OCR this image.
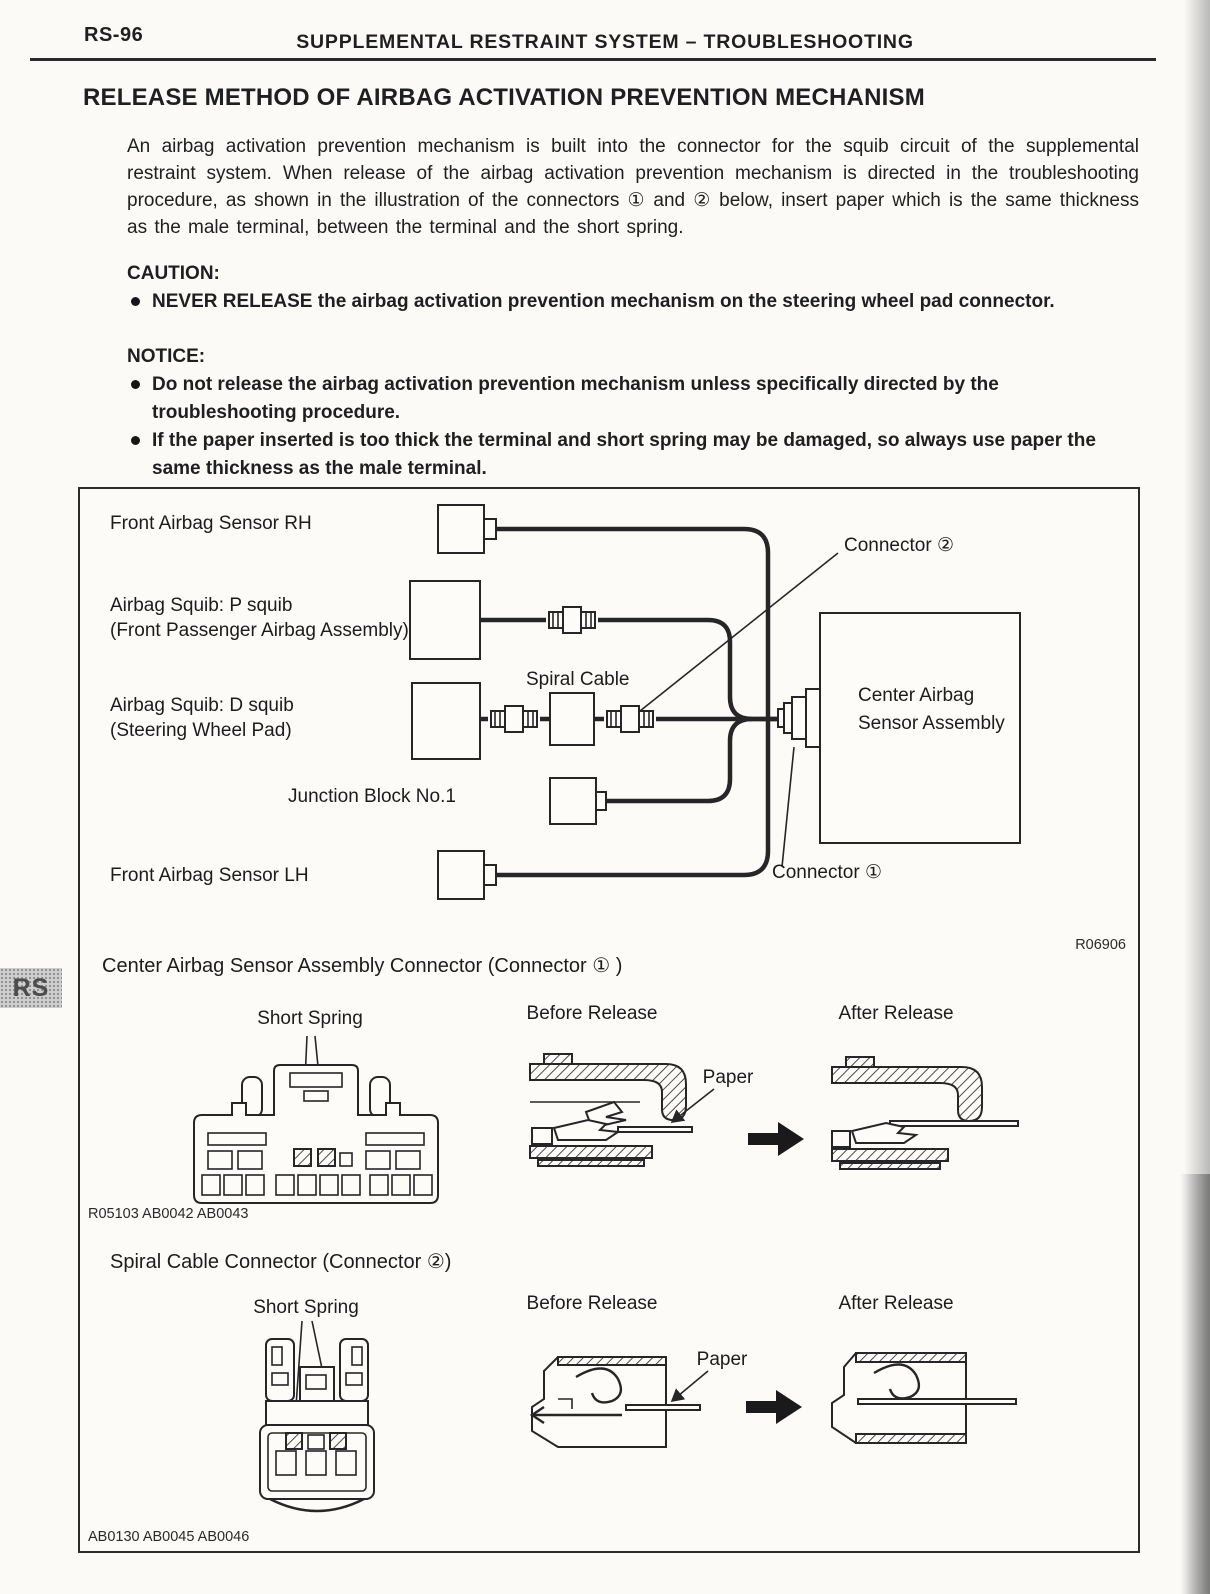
RS-96	SUPPLEMENTAL RESTRAINT SYSTEM – TROUBLESHOOTING
RELEASE METHOD OF AIRBAG ACTIVATION PREVENTION MECHANISM
An airbag activation prevention mechanism is built into the connector for the squib circuit of the supplemental restraint system. When release of the airbag activation prevention mechanism is directed in the troubleshooting procedure, as shown in the illustration of the connectors ① and ② below, insert paper which is the same thickness as the male terminal, between the terminal and the short spring.
CAUTION:
NEVER RELEASE the airbag activation prevention mechanism on the steering wheel pad connector.
NOTICE:
Do not release the airbag activation prevention mechanism unless specifically directed by the troubleshooting procedure.
If the paper inserted is too thick the terminal and short spring may be damaged, so always use paper the same thickness as the male terminal.
Front Airbag Sensor RH
Airbag Squib: P squib
(Front Passenger Airbag Assembly)
Airbag Squib: D squib
(Steering Wheel Pad)
Spiral Cable
Junction Block No.1
Front Airbag Sensor LH
Connector ②
Connector ①
Center Airbag
Sensor Assembly
R06906
Center Airbag Sensor Assembly Connector (Connector ① )
Short Spring	Before Release	After Release
Paper
R05103 AB0042 AB0043
Spiral Cable Connector (Connector ②)
Short Spring	Before Release	After Release
Paper
AB0130 AB0045 AB0046
RS
